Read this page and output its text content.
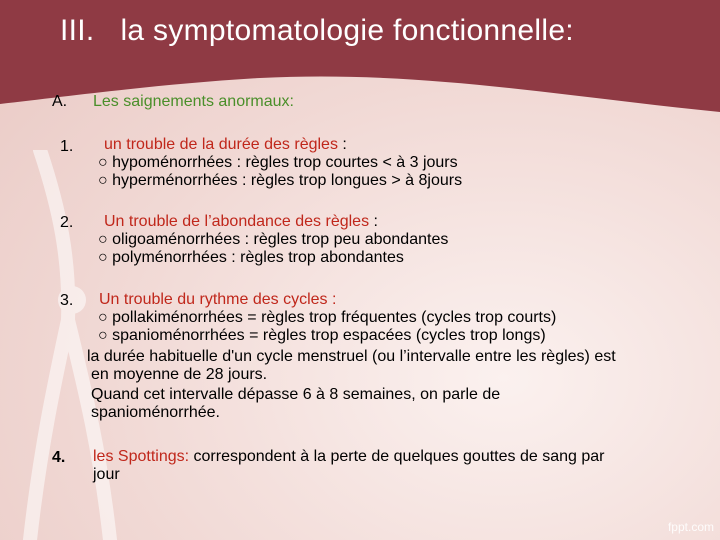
III. la symptomatologie fonctionnelle:
A. Les saignements anormaux:
1. un trouble de la durée des règles :
○ hypoménorrhées : règles trop courtes < à 3 jours
○ hyperménorrhées : règles trop longues > à 8jours
2. Un trouble de l’abondance des règles :
○ oligoaménorrhées : règles trop peu abondantes
○ polyménorrhées : règles trop abondantes
3. Un trouble du rythme des cycles :
○ pollakiménorrhées = règles trop fréquentes (cycles trop courts)
○ spanioménorrhées = règles trop espacées (cycles trop longs)
la durée habituelle d'un cycle menstruel (ou l’intervalle entre les règles) est
en moyenne de 28 jours.
Quand cet intervalle dépasse 6 à 8 semaines, on parle de
spanioménorrhée.
4. les Spottings: correspondent à la perte de quelques gouttes de sang par
jour
fppt.com
